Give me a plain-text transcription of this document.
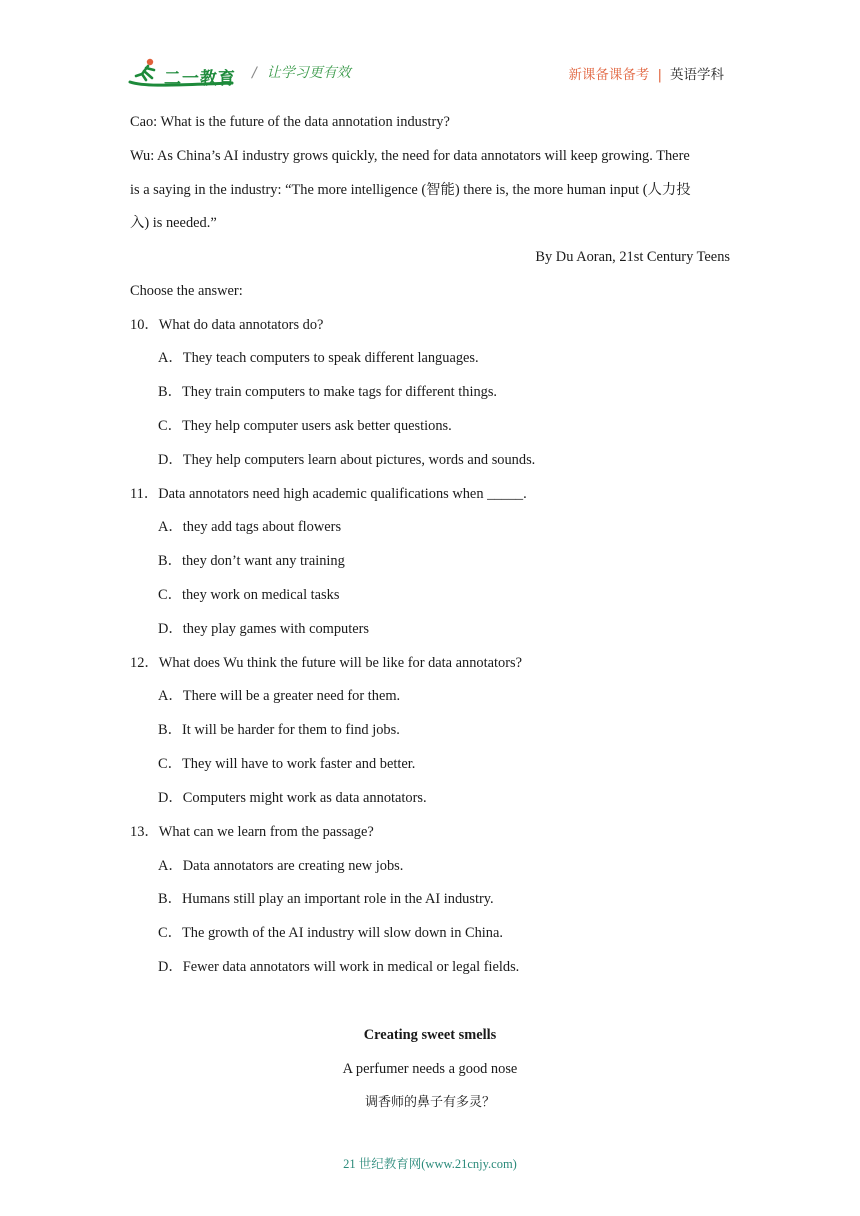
二一教育 / 让学习更有效	新课备课备考 | 英语学科
Cao: What is the future of the data annotation industry?
Wu: As China’s AI industry grows quickly, the need for data annotators will keep growing. There
is a saying in the industry: “The more intelligence (智能) there is, the more human input (人力投
入) is needed.”
By Du Aoran, 21st Century Teens
Choose the answer:
10．What do data annotators do?
A．They teach computers to speak different languages.
B．They train computers to make tags for different things.
C．They help computer users ask better questions.
D．They help computers learn about pictures, words and sounds.
11．Data annotators need high academic qualifications when _____.
A．they add tags about flowers
B．they don’t want any training
C．they work on medical tasks
D．they play games with computers
12．What does Wu think the future will be like for data annotators?
A．There will be a greater need for them.
B．It will be harder for them to find jobs.
C．They will have to work faster and better.
D．Computers might work as data annotators.
13．What can we learn from the passage?
A．Data annotators are creating new jobs.
B．Humans still play an important role in the AI industry.
C．The growth of the AI industry will slow down in China.
D．Fewer data annotators will work in medical or legal fields.
Creating sweet smells
A perfumer needs a good nose
调香师的鼻子有多灵？
21 世纪教育网(www.21cnjy.com)
